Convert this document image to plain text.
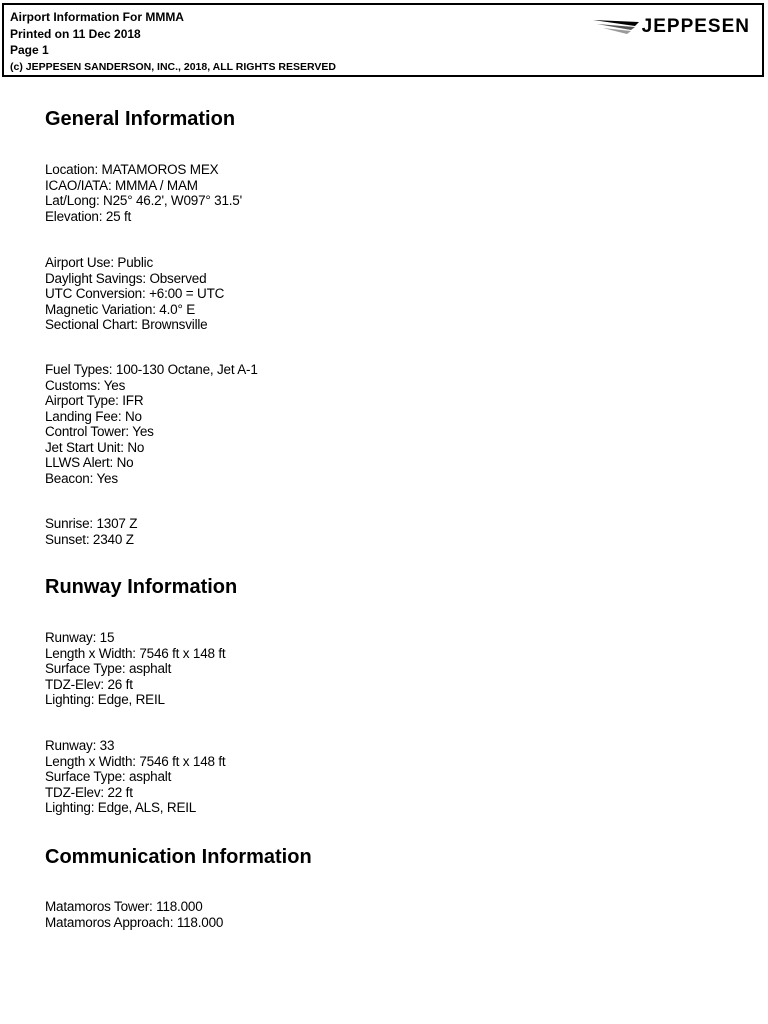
Airport Information For MMMA
Printed on 11 Dec 2018
Page 1
(c) JEPPESEN SANDERSON, INC., 2018, ALL RIGHTS RESERVED
JEPPESEN
General Information
Location: MATAMOROS MEX
ICAO/IATA: MMMA / MAM
Lat/Long: N25° 46.2', W097° 31.5'
Elevation: 25 ft
Airport Use: Public
Daylight Savings: Observed
UTC Conversion: +6:00 = UTC
Magnetic Variation: 4.0° E
Sectional Chart: Brownsville
Fuel Types: 100-130 Octane, Jet A-1
Customs: Yes
Airport Type: IFR
Landing Fee: No
Control Tower: Yes
Jet Start Unit: No
LLWS Alert: No
Beacon: Yes
Sunrise: 1307 Z
Sunset: 2340 Z
Runway Information
Runway: 15
Length x Width: 7546 ft x 148 ft
Surface Type: asphalt
TDZ-Elev: 26 ft
Lighting: Edge, REIL
Runway: 33
Length x Width: 7546 ft x 148 ft
Surface Type: asphalt
TDZ-Elev: 22 ft
Lighting: Edge, ALS, REIL
Communication Information
Matamoros Tower: 118.000
Matamoros Approach: 118.000
